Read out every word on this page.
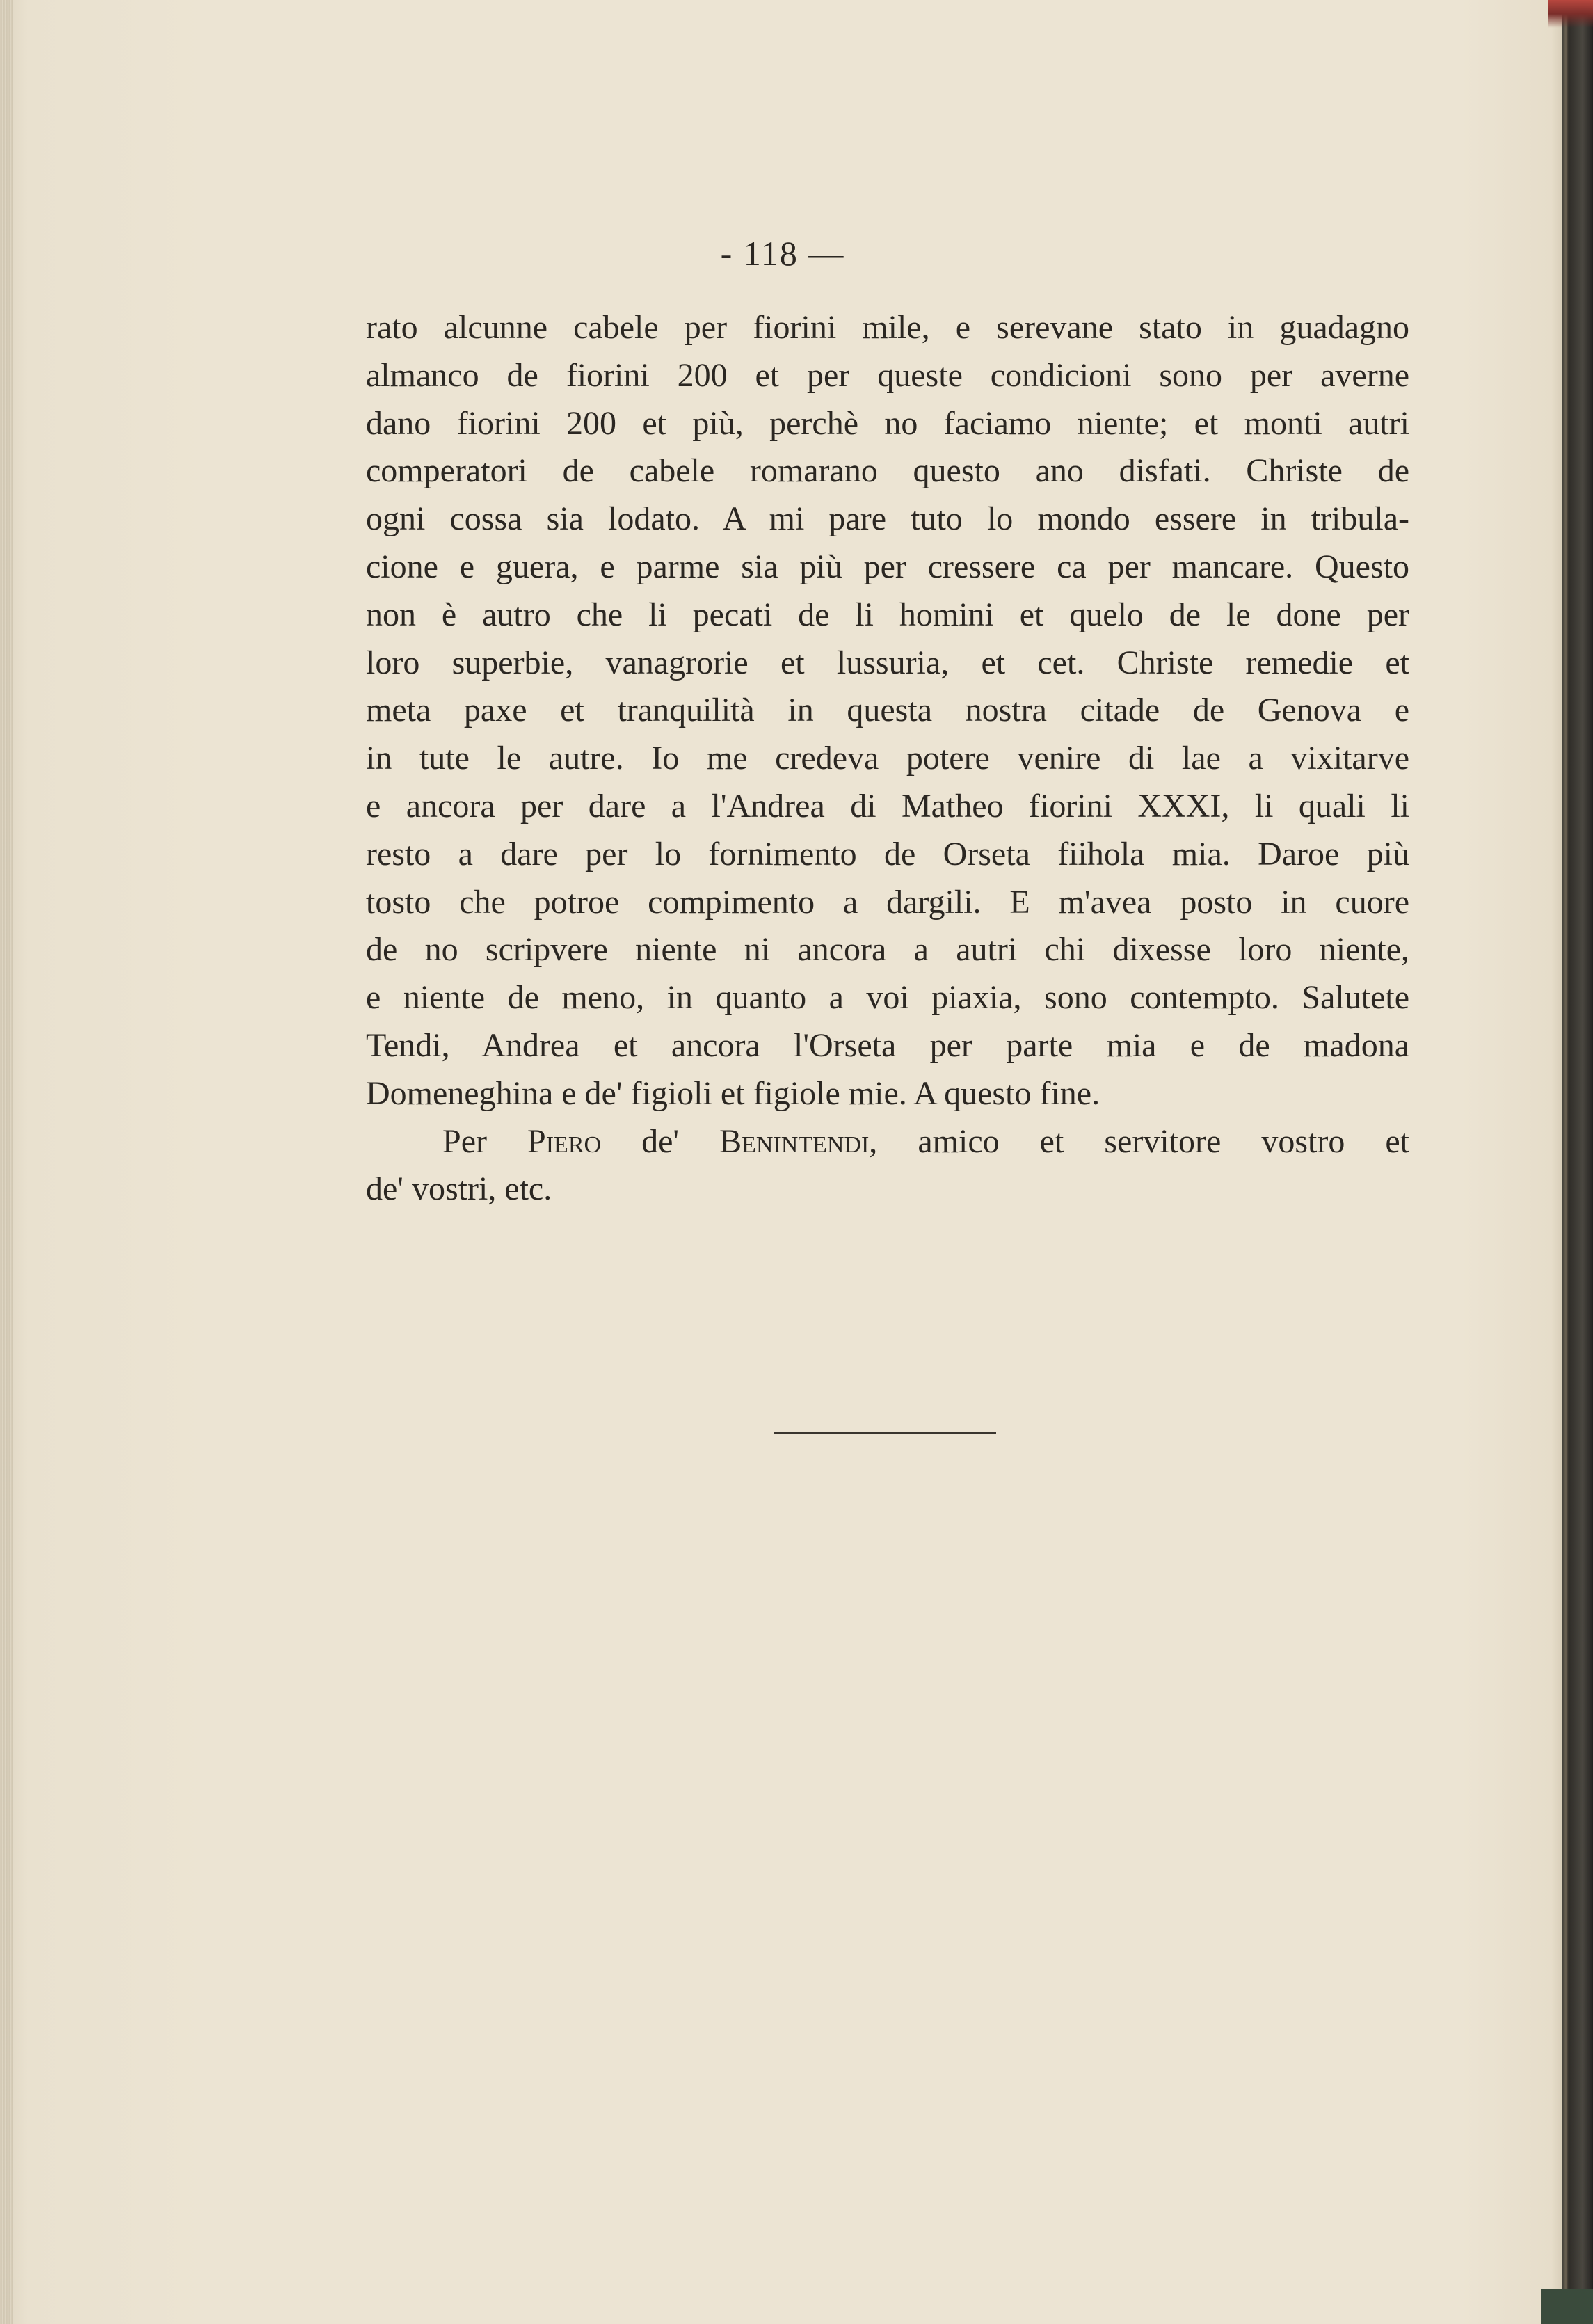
- 118 —
rato alcunne cabele per fiorini mile, e serevane stato in guadagno
almanco de fiorini 200 et per queste condicioni sono per averne
dano fiorini 200 et più, perchè no faciamo niente; et monti autri
comperatori de cabele romarano questo ano disfati. Christe de
ogni cossa sia lodato. A mi pare tuto lo mondo essere in tribula-
cione e guera, e parme sia più per cressere ca per mancare. Questo
non è autro che li pecati de li homini et quelo de le done per
loro superbie, vanagrorie et lussuria, et cet. Christe remedie et
meta paxe et tranquilità in questa nostra citade de Genova e
in tute le autre. Io me credeva potere venire di lae a vixitarve
e ancora per dare a l'Andrea di Matheo fiorini XXXI, li quali li
resto a dare per lo fornimento de Orseta fiihola mia. Daroe più
tosto che potroe compimento a dargili. E m'avea posto in cuore
de no scripvere niente ni ancora a autri chi dixesse loro niente,
e niente de meno, in quanto a voi piaxia, sono contempto. Salutete
Tendi, Andrea et ancora l'Orseta per parte mia e de madona
Domeneghina e de' figioli et figiole mie. A questo fine.
Per Piero de' Benintendi, amico et servitore vostro et
de' vostri, etc.
